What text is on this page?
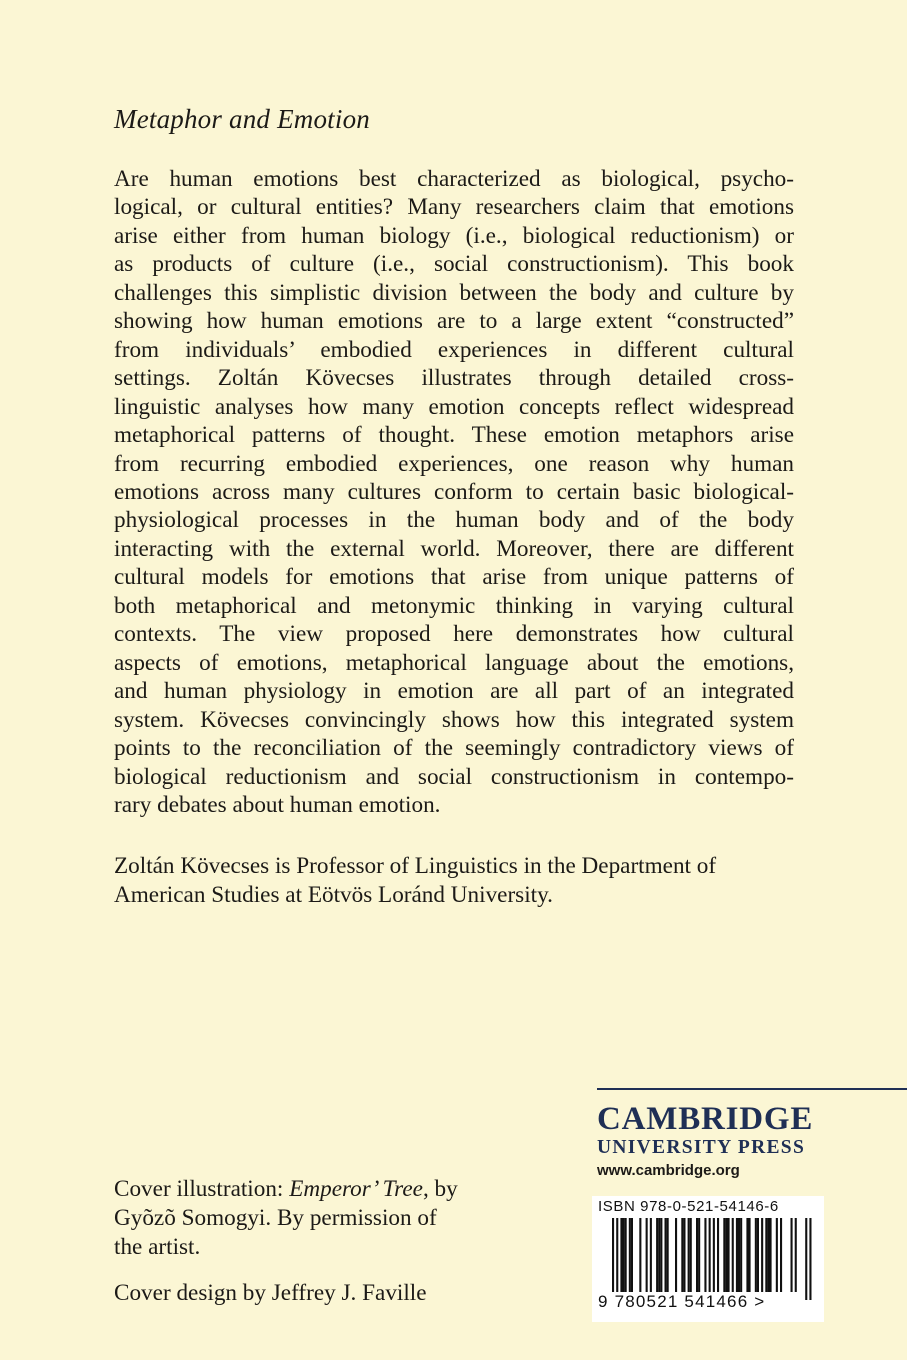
Metaphor and Emotion
Are human emotions best characterized as biological, psycho-
logical, or cultural entities? Many researchers claim that emotions
arise either from human biology (i.e., biological reductionism) or
as products of culture (i.e., social constructionism). This book
challenges this simplistic division between the body and culture by
showing how human emotions are to a large extent “constructed”
from individuals’ embodied experiences in different cultural
settings. Zoltán Kövecses illustrates through detailed cross-
linguistic analyses how many emotion concepts reflect widespread
metaphorical patterns of thought. These emotion metaphors arise
from recurring embodied experiences, one reason why human
emotions across many cultures conform to certain basic biological-
physiological processes in the human body and of the body
interacting with the external world. Moreover, there are different
cultural models for emotions that arise from unique patterns of
both metaphorical and metonymic thinking in varying cultural
contexts. The view proposed here demonstrates how cultural
aspects of emotions, metaphorical language about the emotions,
and human physiology in emotion are all part of an integrated
system. Kövecses convincingly shows how this integrated system
points to the reconciliation of the seemingly contradictory views of
biological reductionism and social constructionism in contempo-
rary debates about human emotion.
Zoltán Kövecses is Professor of Linguistics in the Department of American Studies at Eötvös Loránd University.
CAMBRIDGE
UNIVERSITY PRESS
www.cambridge.org

Cover illustration: Emperor’ Tree, by Gyõzõ Somogyi. By permission of the artist.

Cover design by Jeffrey J. Faville

ISBN 978-0-521-54146-6
9 780521 541466 >
